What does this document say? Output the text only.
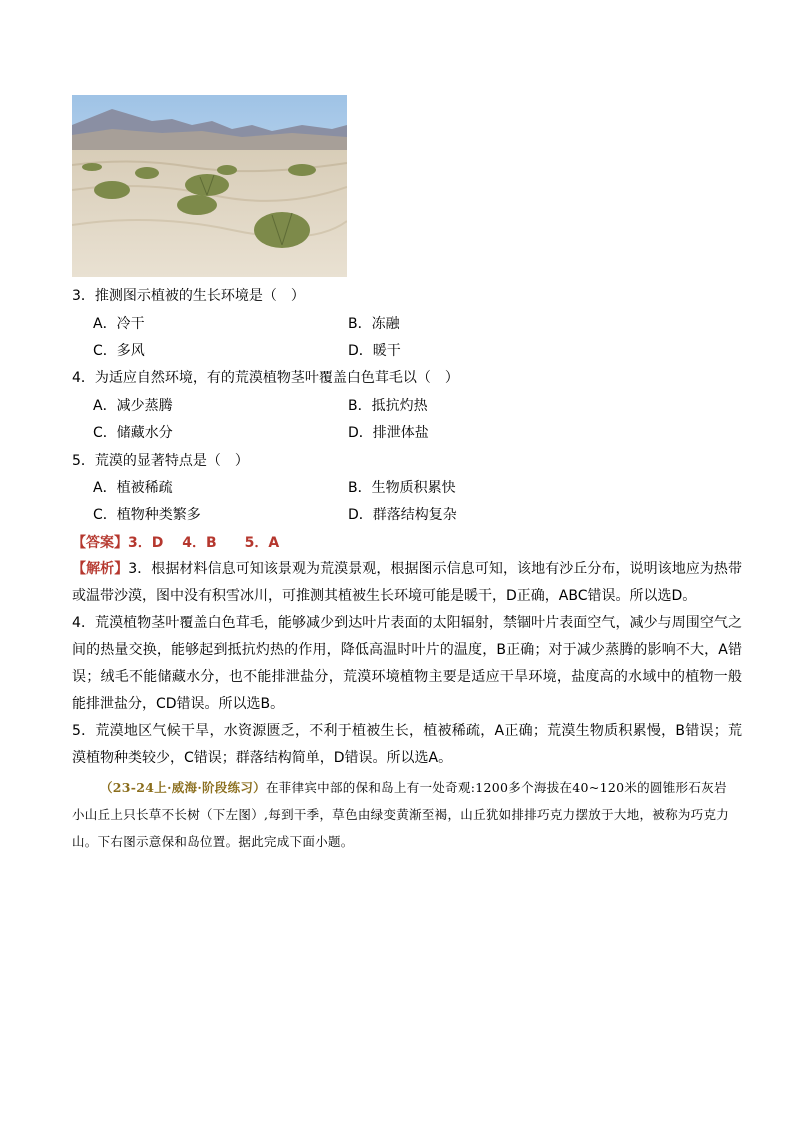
3．推测图示植被的生长环境是（　）
A．冷干	B．冻融
C．多风	D．暖干
4．为适应自然环境，有的荒漠植物茎叶覆盖白色茸毛以（　）
A．减少蒸腾	B．抵抗灼热
C．储藏水分	D．排泄体盐
5．荒漠的显著特点是（　）
A．植被稀疏	B．生物质积累快
C．植物种类繁多	D．群落结构复杂
【答案】3．D　 4．B　　5．A
【解析】3．根据材料信息可知该景观为荒漠景观，根据图示信息可知，该地有沙丘分布，说明该地应为热带或温带沙漠，图中没有积雪冰川，可推测其植被生长环境可能是暖干，D正确，ABC错误。所以选D。
4．荒漠植物茎叶覆盖白色茸毛，能够减少到达叶片表面的太阳辐射，禁锢叶片表面空气，减少与周围空气之间的热量交换，能够起到抵抗灼热的作用，降低高温时叶片的温度，B正确；对于减少蒸腾的影响不大，A错误；绒毛不能储藏水分，也不能排泄盐分，荒漠环境植物主要是适应干旱环境，盐度高的水域中的植物一般能排泄盐分，CD错误。所以选B。
5．荒漠地区气候干旱，水资源匮乏，不利于植被生长，植被稀疏，A正确；荒漠生物质积累慢，B错误；荒漠植物种类较少，C错误；群落结构简单，D错误。所以选A。
（23-24上·威海·阶段练习）在菲律宾中部的保和岛上有一处奇观:1200多个海拔在40~120米的圆锥形石灰岩小山丘上只长草不长树（下左图）,每到干季，草色由绿变黄渐至褐，山丘犹如排排巧克力摆放于大地，被称为巧克力山。下右图示意保和岛位置。据此完成下面小题。
